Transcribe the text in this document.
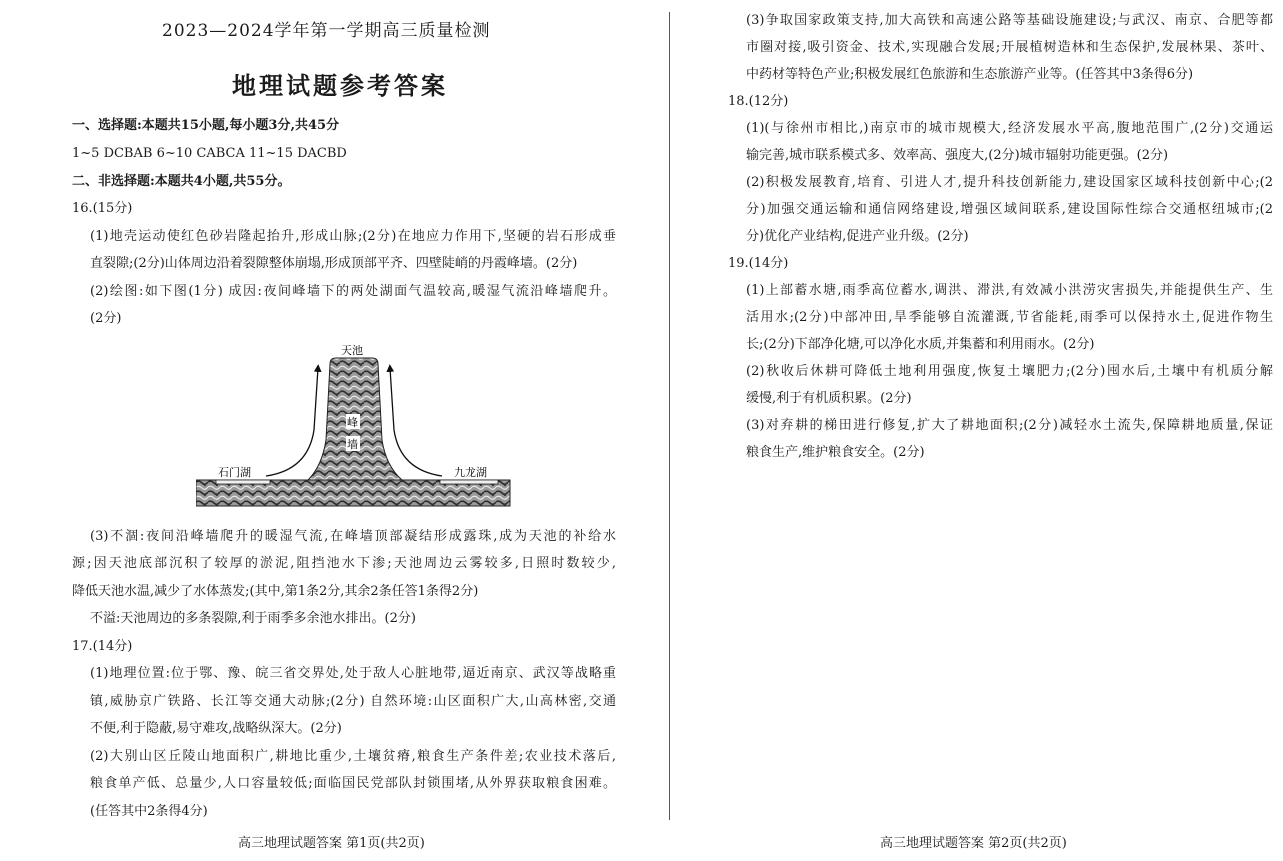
2023—2024学年第一学期高三质量检测
地理试题参考答案
一、选择题:本题共15小题,每小题3分,共45分
1~5 DCBAB 6~10 CABCA 11~15 DACBD
二、非选择题:本题共4小题,共55分。
16.(15分)
(1)地壳运动使红色砂岩隆起抬升,形成山脉;(2分)在地应力作用下,坚硬的岩石形成垂
直裂隙;(2分)山体周边沿着裂隙整体崩塌,形成顶部平齐、四壁陡峭的丹霞峰墙。(2分)
(2)绘图:如下图(1分) 成因:夜间峰墙下的两处湖面气温较高,暖湿气流沿峰墙爬升。
(2分)
天池
峰
墙
石门湖	九龙湖
(3)不涸:夜间沿峰墙爬升的暖湿气流,在峰墙顶部凝结形成露珠,成为天池的补给水
源;因天池底部沉积了较厚的淤泥,阻挡池水下渗;天池周边云雾较多,日照时数较少,
降低天池水温,减少了水体蒸发;(其中,第1条2分,其余2条任答1条得2分)
不溢:天池周边的多条裂隙,利于雨季多余池水排出。(2分)
17.(14分)
(1)地理位置:位于鄂、豫、皖三省交界处,处于敌人心脏地带,逼近南京、武汉等战略重
镇,威胁京广铁路、长江等交通大动脉;(2分) 自然环境:山区面积广大,山高林密,交通
不便,利于隐蔽,易守难攻,战略纵深大。(2分)
(2)大别山区丘陵山地面积广,耕地比重少,土壤贫瘠,粮食生产条件差;农业技术落后,
粮食单产低、总量少,人口容量较低;面临国民党部队封锁围堵,从外界获取粮食困难。
(任答其中2条得4分)
高三地理试题答案 第1页(共2页)
(3)争取国家政策支持,加大高铁和高速公路等基础设施建设;与武汉、南京、合肥等都
市圈对接,吸引资金、技术,实现融合发展;开展植树造林和生态保护,发展林果、茶叶、
中药材等特色产业;积极发展红色旅游和生态旅游产业等。(任答其中3条得6分)
18.(12分)
(1)(与徐州市相比,)南京市的城市规模大,经济发展水平高,腹地范围广,(2分)交通运
输完善,城市联系模式多、效率高、强度大,(2分)城市辐射功能更强。(2分)
(2)积极发展教育,培育、引进人才,提升科技创新能力,建设国家区域科技创新中心;(2
分)加强交通运输和通信网络建设,增强区域间联系,建设国际性综合交通枢纽城市;(2
分)优化产业结构,促进产业升级。(2分)
19.(14分)
(1)上部蓄水塘,雨季高位蓄水,调洪、滞洪,有效减小洪涝灾害损失,并能提供生产、生
活用水;(2分)中部冲田,旱季能够自流灌溉,节省能耗,雨季可以保持水土,促进作物生
长;(2分)下部净化塘,可以净化水质,并集蓄和利用雨水。(2分)
(2)秋收后休耕可降低土地利用强度,恢复土壤肥力;(2分)囤水后,土壤中有机质分解
缓慢,利于有机质积累。(2分)
(3)对弃耕的梯田进行修复,扩大了耕地面积;(2分)减轻水土流失,保障耕地质量,保证
粮食生产,维护粮食安全。(2分)
高三地理试题答案 第2页(共2页)
